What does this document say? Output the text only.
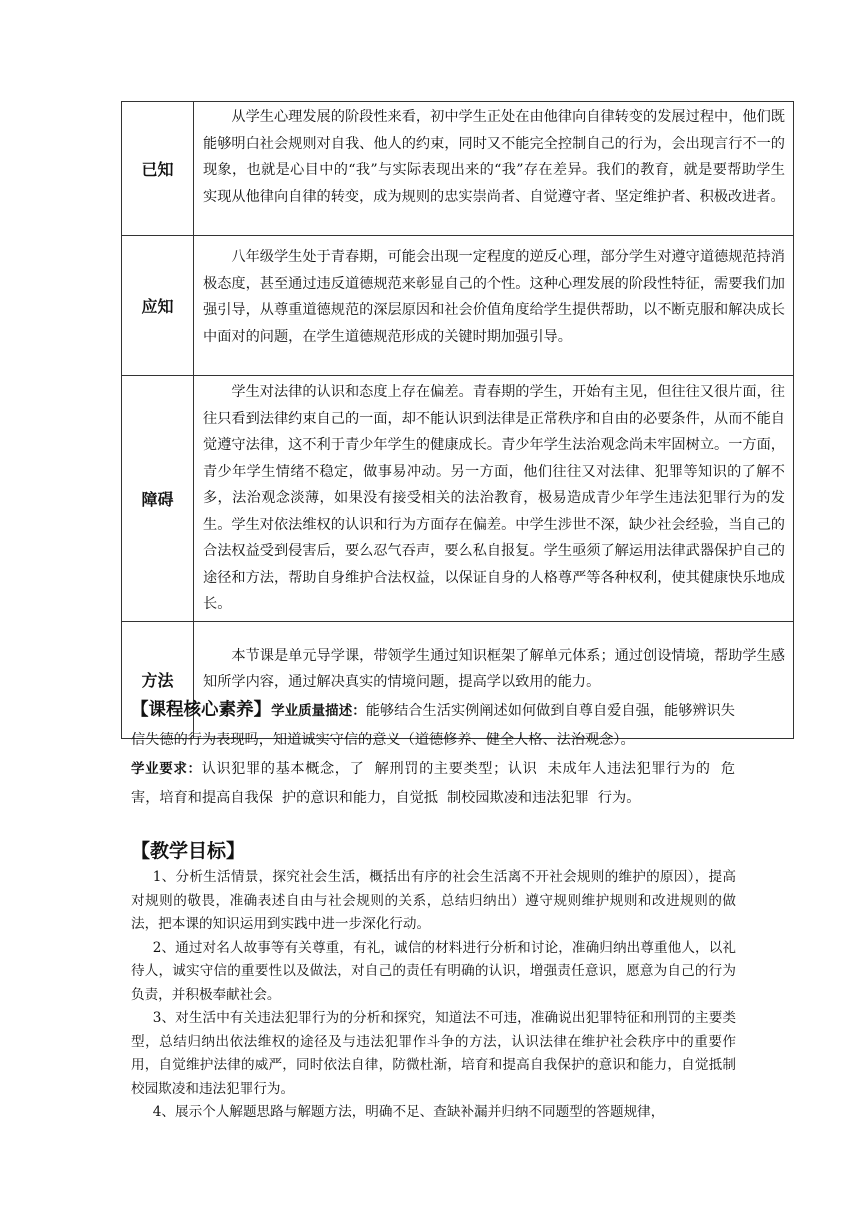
已知	从学生心理发展的阶段性来看，初中学生正处在由他律向自律转变的发展过程中，他们既能够明白社会规则对自我、他人的约束，同时又不能完全控制自己的行为，会出现言行不一的现象，也就是心目中的“我”与实际表现出来的“我”存在差异。我们的教育，就是要帮助学生实现从他律向自律的转变，成为规则的忠实崇尚者、自觉遵守者、坚定维护者、积极改进者。
应知	八年级学生处于青春期，可能会出现一定程度的逆反心理，部分学生对遵守道德规范持消极态度，甚至通过违反道德规范来彰显自己的个性。这种心理发展的阶段性特征，需要我们加强引导，从尊重道德规范的深层原因和社会价值角度给学生提供帮助，以不断克服和解决成长中面对的问题，在学生道德规范形成的关键时期加强引导。
障碍	学生对法律的认识和态度上存在偏差。青春期的学生，开始有主见，但往往又很片面，往往只看到法律约束自己的一面，却不能认识到法律是正常秩序和自由的必要条件，从而不能自觉遵守法律，这不利于青少年学生的健康成长。青少年学生法治观念尚未牢固树立。一方面，青少年学生情绪不稳定，做事易冲动。另一方面，他们往往又对法律、犯罪等知识的了解不多，法治观念淡薄，如果没有接受相关的法治教育，极易造成青少年学生违法犯罪行为的发生。学生对依法维权的认识和行为方面存在偏差。中学生涉世不深，缺少社会经验，当自己的合法权益受到侵害后，要么忍气吞声，要么私自报复。学生亟须了解运用法律武器保护自己的途径和方法，帮助自身维护合法权益，以保证自身的人格尊严等各种权利，使其健康快乐地成长。
方法	本节课是单元导学课，带领学生通过知识框架了解单元体系；通过创设情境，帮助学生感知所学内容，通过解决真实的情境问题，提高学以致用的能力。

【课程核心素养】学业质量描述：能够结合生活实例阐述如何做到自尊自爱自强，能够辨识失信失德的行为表现吗，知道诚实守信的意义（道德修养、健全人格、法治观念）。

学业要求：认识犯罪的基本概念，了  解刑罚的主要类型；认识  未成年人违法犯罪行为的  危害，培育和提高自我保  护的意识和能力，自觉抵  制校园欺凌和违法犯罪  行为。

【教学目标】

1、分析生活情景，探究社会生活，概括出有序的社会生活离不开社会规则的维护的原因），提高对规则的敬畏，准确表述自由与社会规则的关系，总结归纳出）遵守规则维护规则和改进规则的做法，把本课的知识运用到实践中进一步深化行动。

2、通过对名人故事等有关尊重，有礼，诚信的材料进行分析和讨论，准确归纳出尊重他人，以礼待人，诚实守信的重要性以及做法，对自己的责任有明确的认识，增强责任意识，愿意为自己的行为负责，并积极奉献社会。

3、对生活中有关违法犯罪行为的分析和探究，知道法不可违，准确说出犯罪特征和刑罚的主要类型，总结归纳出依法维权的途径及与违法犯罪作斗争的方法，认识法律在维护社会秩序中的重要作用，自觉维护法律的威严，同时依法自律，防微杜渐，培育和提高自我保护的意识和能力，自觉抵制校园欺凌和违法犯罪行为。

4、展示个人解题思路与解题方法，明确不足、查缺补漏并归纳不同题型的答题规律，
